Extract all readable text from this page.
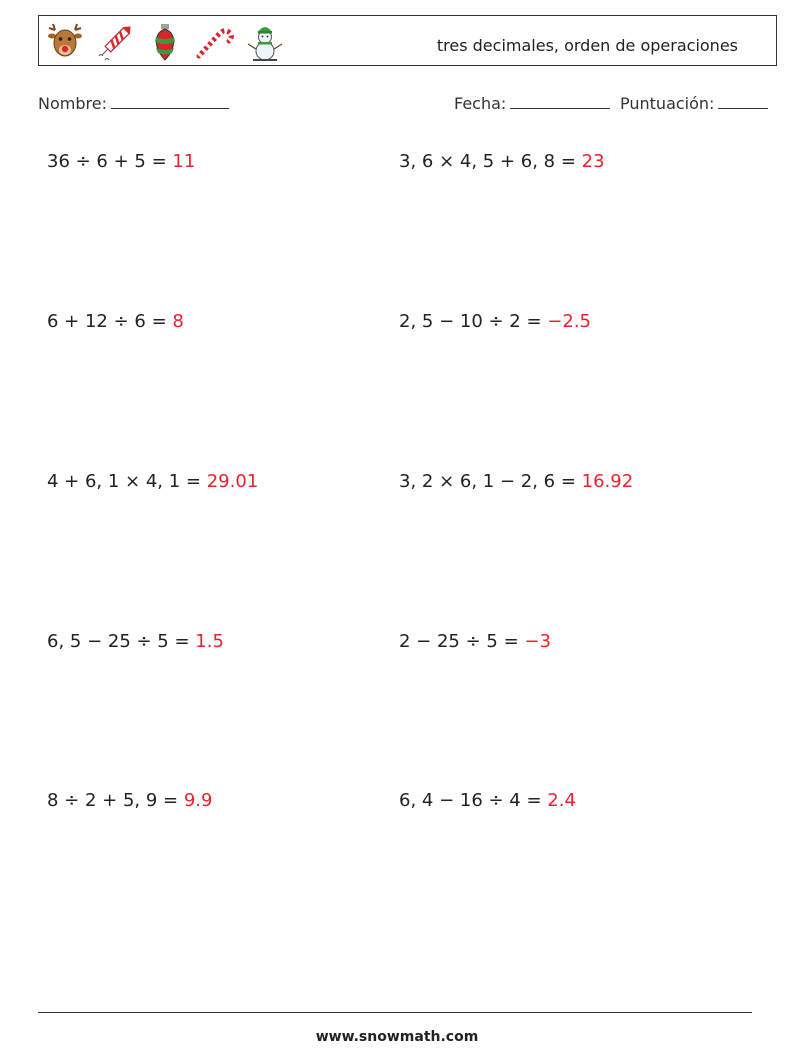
tres decimales, orden de operaciones
Nombre:	Fecha:	Puntuación:
36 ÷ 6 + 5 = 11	3, 6 × 4, 5 + 6, 8 = 23
6 + 12 ÷ 6 = 8	2, 5 − 10 ÷ 2 = −2.5
4 + 6, 1 × 4, 1 = 29.01	3, 2 × 6, 1 − 2, 6 = 16.92
6, 5 − 25 ÷ 5 = 1.5	2 − 25 ÷ 5 = −3
8 ÷ 2 + 5, 9 = 9.9	6, 4 − 16 ÷ 4 = 2.4
www.snowmath.com
